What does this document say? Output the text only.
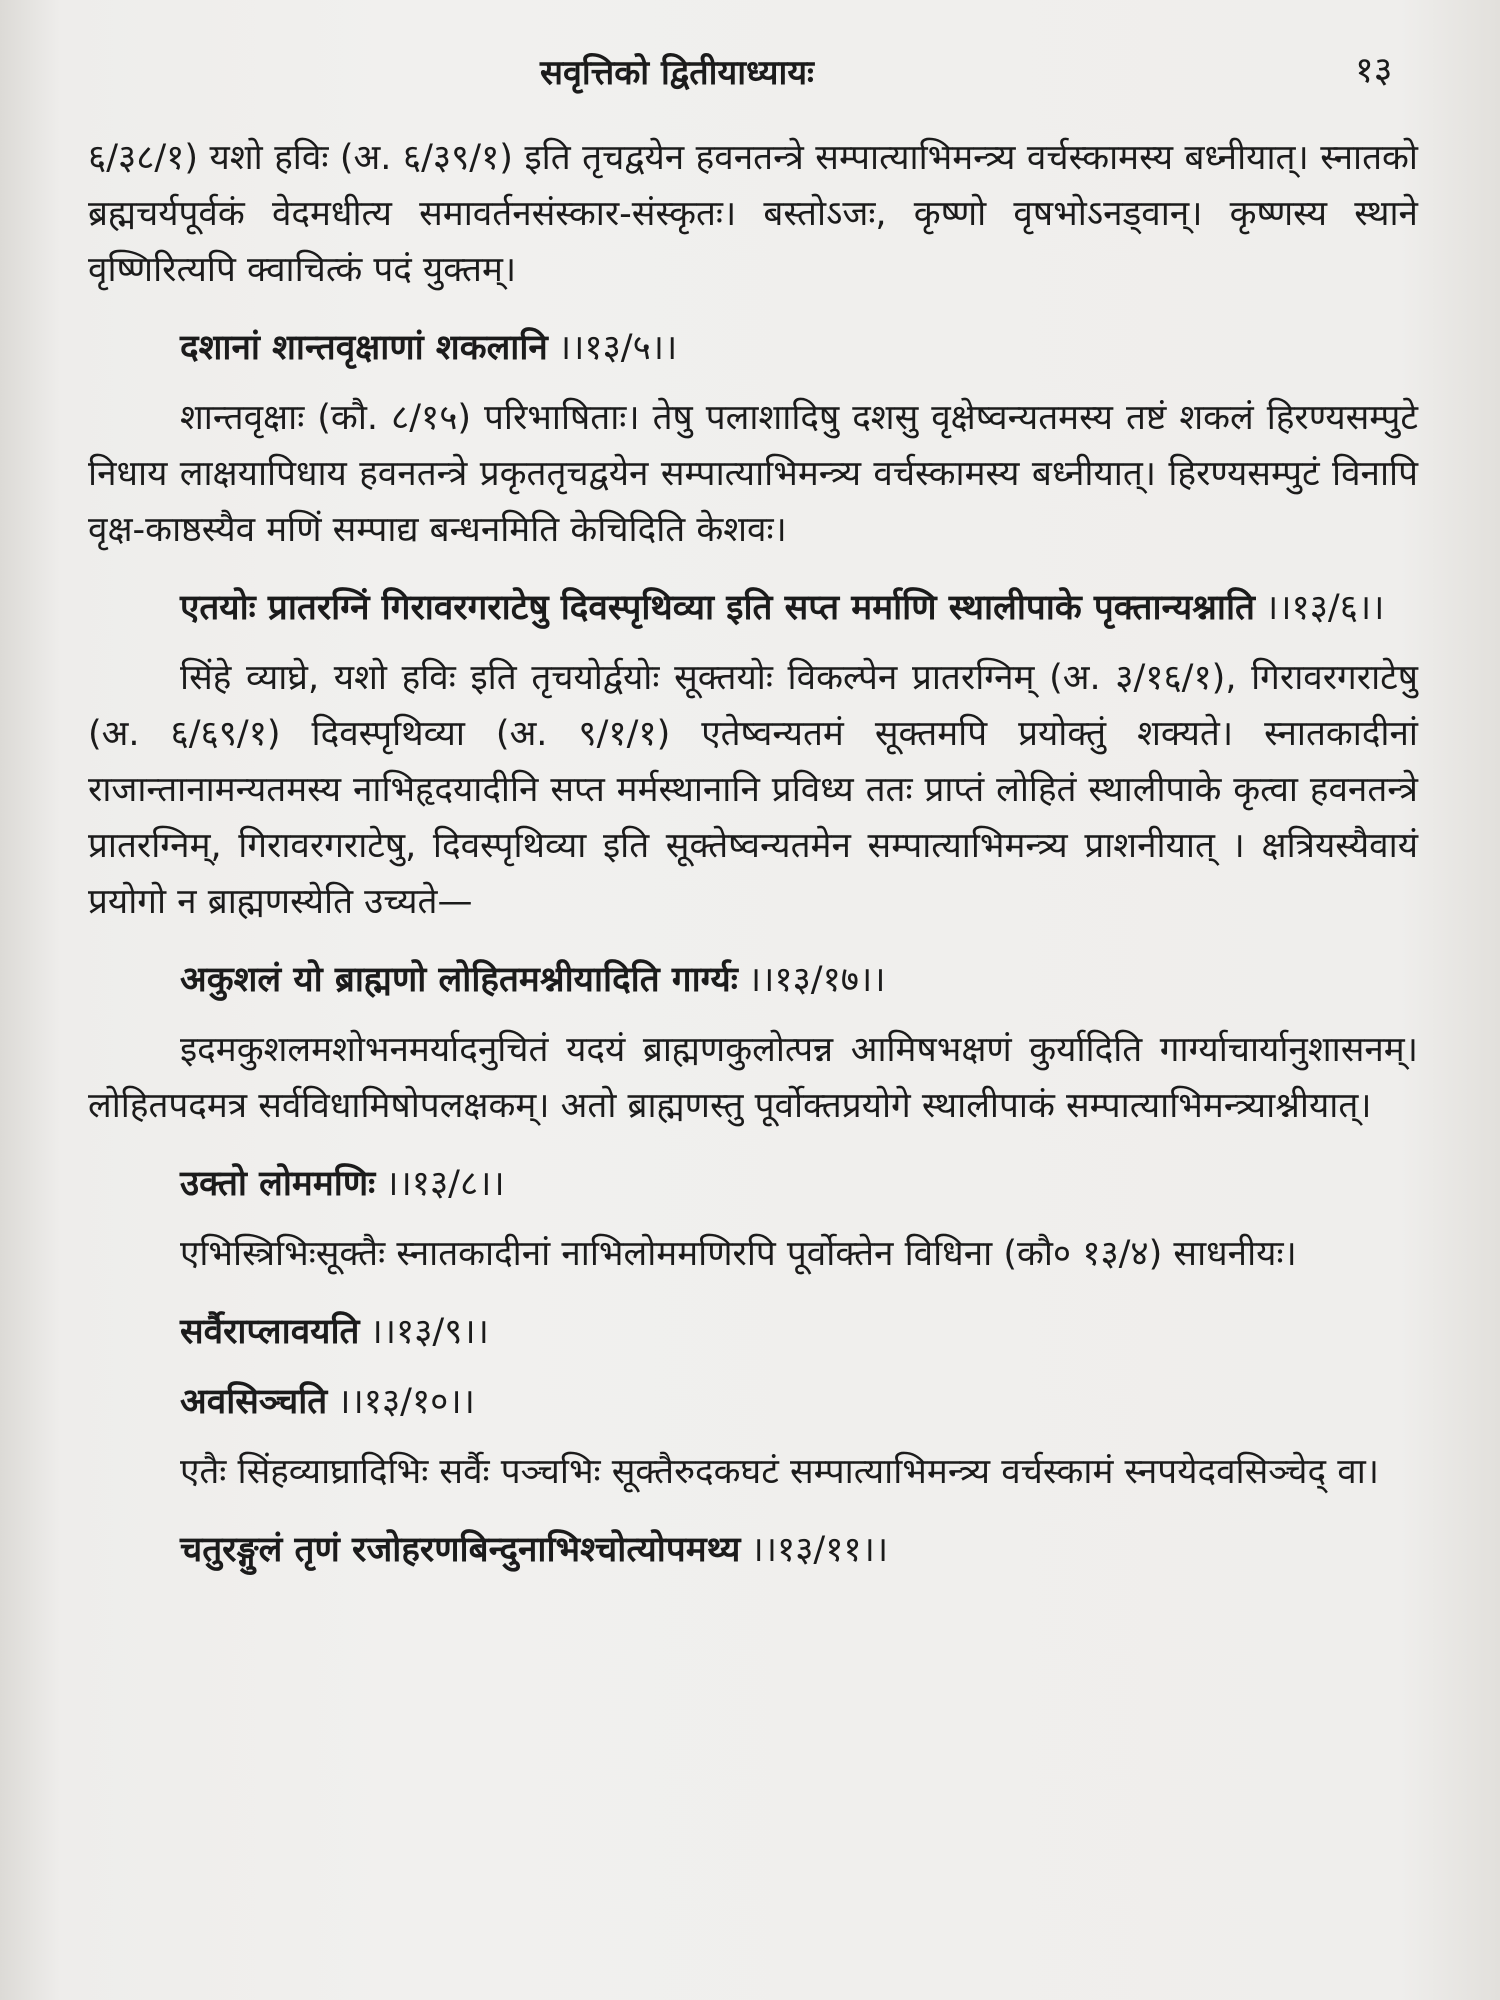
सवृत्तिको द्वितीयाध्यायः	१३

६/३८/१) यशो हविः (अ. ६/३९/१) इति तृचद्वयेन हवनतन्त्रे सम्पात्याभिमन्त्र्य वर्चस्कामस्य बध्नीयात्। स्नातको ब्रह्मचर्यपूर्वकं वेदमधीत्य समावर्तनसंस्कार-संस्कृतः। बस्तोऽजः, कृष्णो वृषभोऽनड्वान्। कृष्णस्य स्थाने वृष्णिरित्यपि क्वाचित्कं पदं युक्तम्।

दशानां शान्तवृक्षाणां शकलानि ।।१३/५।।

शान्तवृक्षाः (कौ. ८/१५) परिभाषिताः। तेषु पलाशादिषु दशसु वृक्षेष्वन्यतमस्य तष्टं शकलं हिरण्यसम्पुटे निधाय लाक्षयापिधाय हवनतन्त्रे प्रकृततृचद्वयेन सम्पात्याभिमन्त्र्य वर्चस्कामस्य बध्नीयात्। हिरण्यसम्पुटं विनापि वृक्ष-काष्ठस्यैव मणिं सम्पाद्य बन्धनमिति केचिदिति केशवः।

एतयोः प्रातरग्निं गिरावरगराटेषु दिवस्पृथिव्या इति सप्त मर्माणि स्थालीपाके पृक्तान्यश्नाति ।।१३/६।।

सिंहे व्याघ्रे, यशो हविः इति तृचयोर्द्वयोः सूक्तयोः विकल्पेन प्रातरग्निम् (अ. ३/१६/१), गिरावरगराटेषु (अ. ६/६९/१) दिवस्पृथिव्या (अ. ९/१/१) एतेष्वन्यतमं सूक्तमपि प्रयोक्तुं शक्यते। स्नातकादीनां राजान्तानामन्यतमस्य नाभिहृदयादीनि सप्त मर्मस्थानानि प्रविध्य ततः प्राप्तं लोहितं स्थालीपाके कृत्वा हवनतन्त्रे प्रातरग्निम्, गिरावरगराटेषु, दिवस्पृथिव्या इति सूक्तेष्वन्यतमेन सम्पात्याभिमन्त्र्य प्राशनीयात् । क्षत्रियस्यैवायं प्रयोगो न ब्राह्मणस्येति उच्यते—

अकुशलं यो ब्राह्मणो लोहितमश्नीयादिति गार्ग्यः ।।१३/१७।।

इदमकुशलमशोभनमर्यादनुचितं यदयं ब्राह्मणकुलोत्पन्न आमिषभक्षणं कुर्यादिति गार्ग्याचार्यानुशासनम्। लोहितपदमत्र सर्वविधामिषोपलक्षकम्। अतो ब्राह्मणस्तु पूर्वोक्तप्रयोगे स्थालीपाकं सम्पात्याभिमन्त्र्याश्नीयात्।

उक्तो लोममणिः ।।१३/८।।

एभिस्त्रिभिःसूक्तैः स्नातकादीनां नाभिलोममणिरपि पूर्वोक्तेन विधिना (कौ० १३/४) साधनीयः।

सर्वैराप्लावयति ।।१३/९।।

अवसिञ्चति ।।१३/१०।।

एतैः सिंहव्याघ्रादिभिः सर्वैः पञ्चभिः सूक्तैरुदकघटं सम्पात्याभिमन्त्र्य वर्चस्कामं स्नपयेदवसिञ्चेद् वा।

चतुरङ्गुलं तृणं रजोहरणबिन्दुनाभिश्चोत्योपमथ्य ।।१३/११।।
